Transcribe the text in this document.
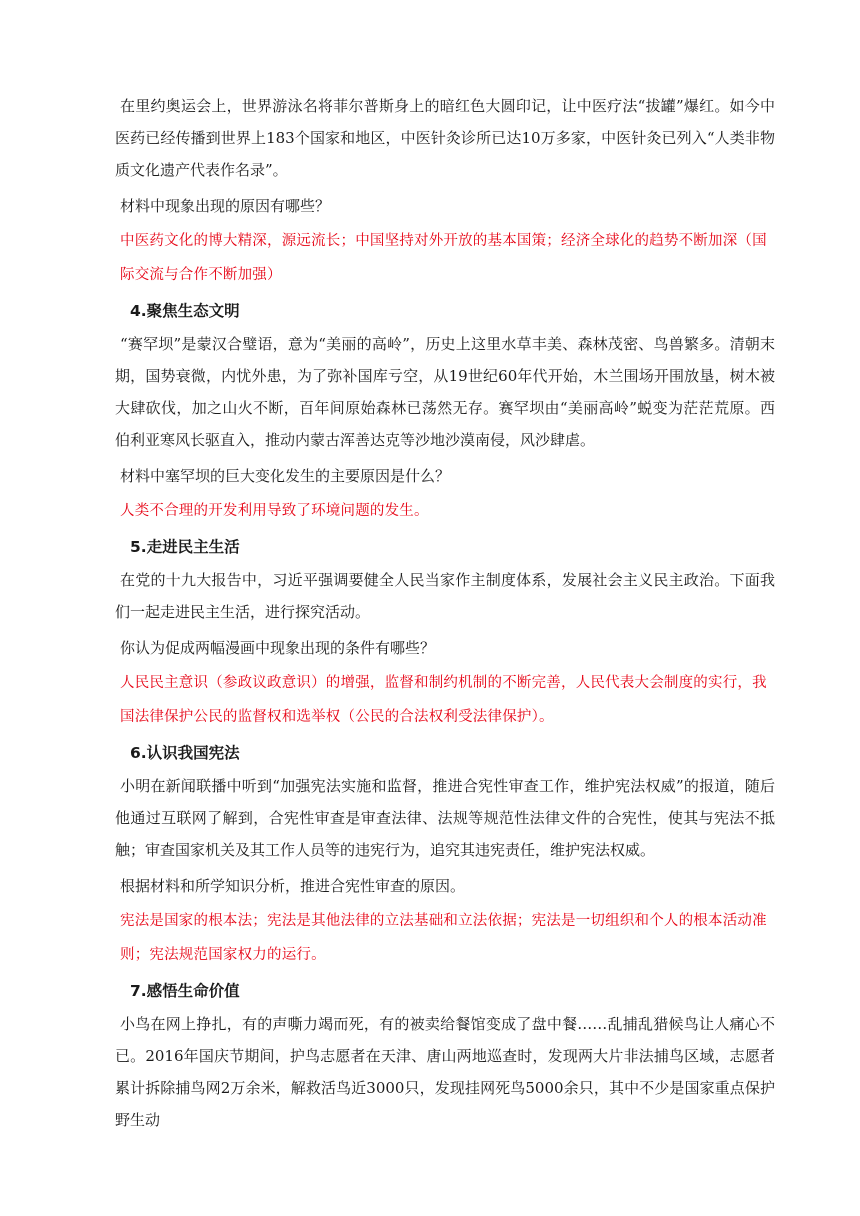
在里约奥运会上，世界游泳名将菲尔普斯身上的暗红色大圆印记，让中医疗法“拔罐”爆红。如今中医药已经传播到世界上183个国家和地区，中医针灸诊所已达10万多家，中医针灸已列入“人类非物质文化遗产代表作名录”。

材料中现象出现的原因有哪些？

中医药文化的博大精深，源远流长；中国坚持对外开放的基本国策；经济全球化的趋势不断加深（国际交流与合作不断加强）

4.聚焦生态文明

“赛罕坝”是蒙汉合璧语，意为“美丽的高岭”，历史上这里水草丰美、森林茂密、鸟兽繁多。清朝末期，国势衰微，内忧外患，为了弥补国库亏空，从19世纪60年代开始，木兰围场开围放垦，树木被大肆砍伐，加之山火不断，百年间原始森林已荡然无存。赛罕坝由“美丽高岭”蜕变为茫茫荒原。西伯利亚寒风长驱直入，推动内蒙古浑善达克等沙地沙漠南侵，风沙肆虐。

材料中塞罕坝的巨大变化发生的主要原因是什么？

人类不合理的开发利用导致了环境问题的发生。

5.走进民主生活

在党的十九大报告中，习近平强调要健全人民当家作主制度体系，发展社会主义民主政治。下面我们一起走进民主生活，进行探究活动。

你认为促成两幅漫画中现象出现的条件有哪些？

人民民主意识（参政议政意识）的增强，监督和制约机制的不断完善，人民代表大会制度的实行，我国法律保护公民的监督权和选举权（公民的合法权利受法律保护）。

6.认识我国宪法

小明在新闻联播中听到“加强宪法实施和监督，推进合宪性审查工作，维护宪法权威”的报道，随后他通过互联网了解到，合宪性审查是审查法律、法规等规范性法律文件的合宪性，使其与宪法不抵触；审查国家机关及其工作人员等的违宪行为，追究其违宪责任，维护宪法权威。

根据材料和所学知识分析，推进合宪性审查的原因。

宪法是国家的根本法；宪法是其他法律的立法基础和立法依据；宪法是一切组织和个人的根本活动准则；宪法规范国家权力的运行。

7.感悟生命价值

小鸟在网上挣扎，有的声嘶力竭而死，有的被卖给餐馆变成了盘中餐……乱捕乱猎候鸟让人痛心不已。2016年国庆节期间，护鸟志愿者在天津、唐山两地巡查时，发现两大片非法捕鸟区域，志愿者累计拆除捕鸟网2万余米，解救活鸟近3000只，发现挂网死鸟5000余只，其中不少是国家重点保护野生动
